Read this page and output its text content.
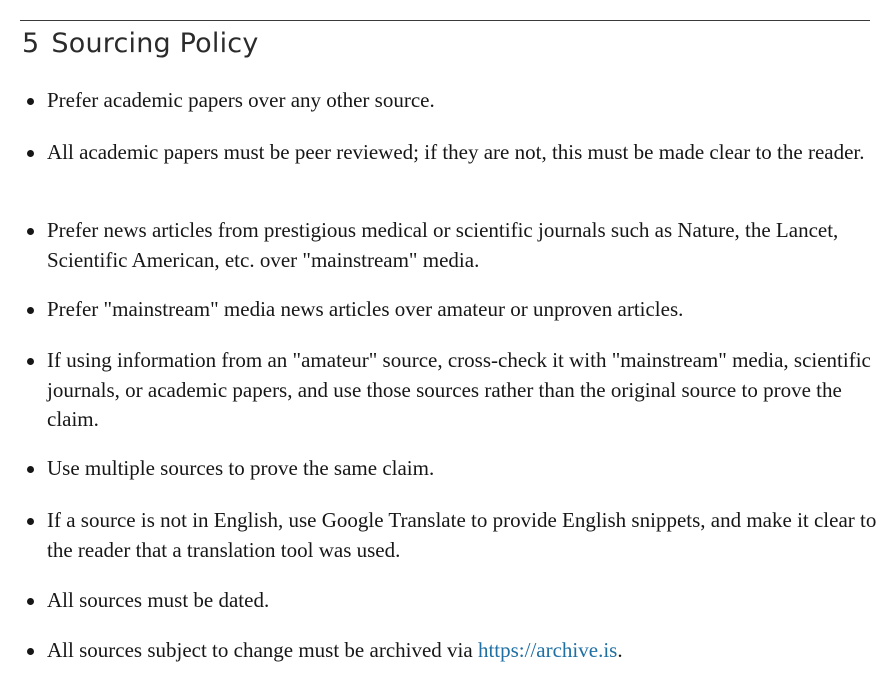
5 Sourcing Policy

Prefer academic papers over any other source.

All academic papers must be peer reviewed; if they are not, this must be made clear to the reader.

Prefer news articles from prestigious medical or scientific journals such as Nature, the Lancet, Scientific American, etc. over "mainstream" media.

Prefer "mainstream" media news articles over amateur or unproven articles.

If using information from an "amateur" source, cross-check it with "mainstream" media, scientific journals, or academic papers, and use those sources rather than the original source to prove the claim.

Use multiple sources to prove the same claim.

If a source is not in English, use Google Translate to provide English snippets, and make it clear to the reader that a translation tool was used.

All sources must be dated.

All sources subject to change must be archived via https://archive.is.
